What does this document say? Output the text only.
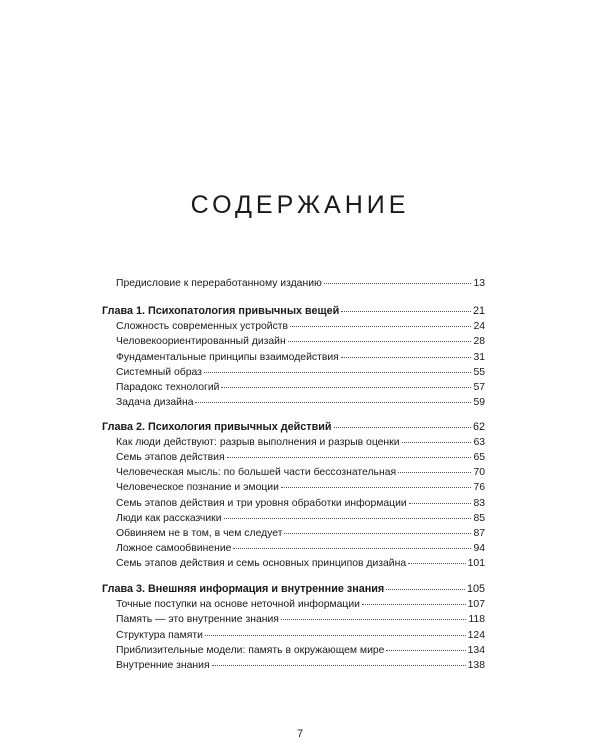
СОДЕРЖАНИЕ
Предисловие к переработанному изданию	13
Глава 1. Психопатология привычных вещей	21
Сложность современных устройств	24
Человекоориентированный дизайн	28
Фундаментальные принципы взаимодействия	31
Системный образ	55
Парадокс технологий	57
Задача дизайна	59
Глава 2. Психология привычных действий	62
Как люди действуют: разрыв выполнения и разрыв оценки	63
Семь этапов действия	65
Человеческая мысль: по большей части бессознательная	70
Человеческое познание и эмоции	76
Семь этапов действия и три уровня обработки информации	83
Люди как рассказчики	85
Обвиняем не в том, в чем следует	87
Ложное самообвинение	94
Семь этапов действия и семь основных принципов дизайна	101
Глава 3. Внешняя информация и внутренние знания	105
Точные поступки на основе неточной информации	107
Память — это внутренние знания	118
Структура памяти	124
Приблизительные модели: память в окружающем мире	134
Внутренние знания	138
7
